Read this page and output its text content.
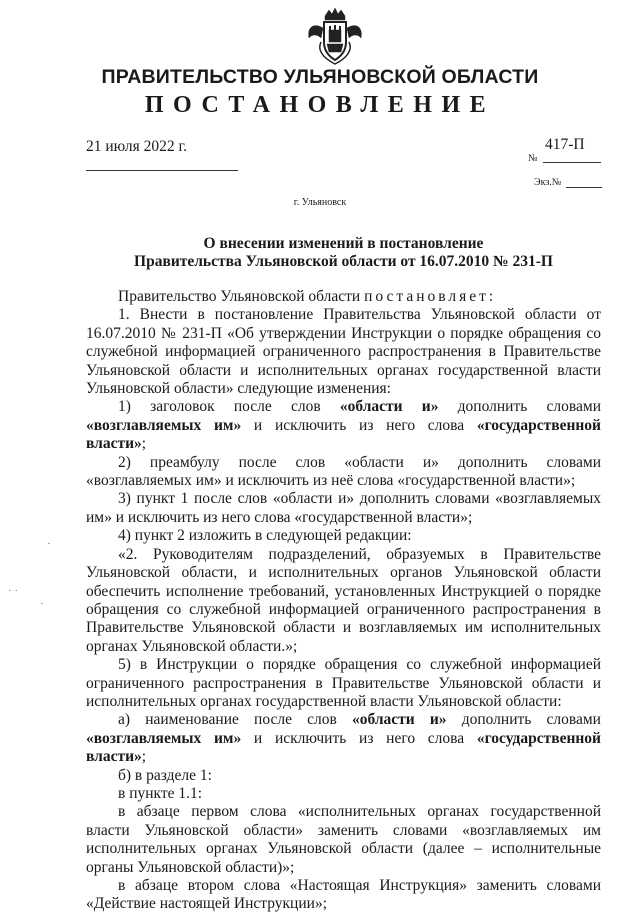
ПРАВИТЕЛЬСТВО УЛЬЯНОВСКОЙ ОБЛАСТИ
ПОСТАНОВЛЕНИЕ
21 июля 2022 г.	417-П
№
Экз.№
г. Ульяновск
О внесении изменений в постановление
Правительства Ульяновской области от 16.07.2010 № 231-П

Правительство Ульяновской области постановляет:

1. Внести в постановление Правительства Ульяновской области от 16.07.2010 № 231-П «Об утверждении Инструкции о порядке обращения со служебной информацией ограниченного распространения в Правительстве Ульяновской области и исполнительных органах государственной власти Ульяновской области» следующие изменения:

1) заголовок после слов «области и» дополнить словами «возглавляемых им» и исключить из него слова «государственной власти»;

2) преамбулу после слов «области и» дополнить словами «возглавляемых им» и исключить из неё слова «государственной власти»;

3) пункт 1 после слов «области и» дополнить словами «возглавляемых им» и исключить из него слова «государственной власти»;

4) пункт 2 изложить в следующей редакции:

«2. Руководителям подразделений, образуемых в Правительстве Ульяновской области, и исполнительных органов Ульяновской области обеспечить исполнение требований, установленных Инструкцией о порядке обращения со служебной информацией ограниченного распространения в Правительстве Ульяновской области и возглавляемых им исполнительных органах Ульяновской области.»;

5) в Инструкции о порядке обращения со служебной информацией ограниченного распространения в Правительстве Ульяновской области и исполнительных органах государственной власти Ульяновской области:

а) наименование после слов «области и» дополнить словами «возглавляемых им» и исключить из него слова «государственной власти»;

б) в разделе 1:

в пункте 1.1:

в абзаце первом слова «исполнительных органах государственной власти Ульяновской области» заменить словами «возглавляемых им исполнительных органах Ульяновской области (далее – исполнительные органы Ульяновской области)»;

в абзаце втором слова «Настоящая Инструкция» заменить словами «Действие настоящей Инструкции»;

·
· ·
·
